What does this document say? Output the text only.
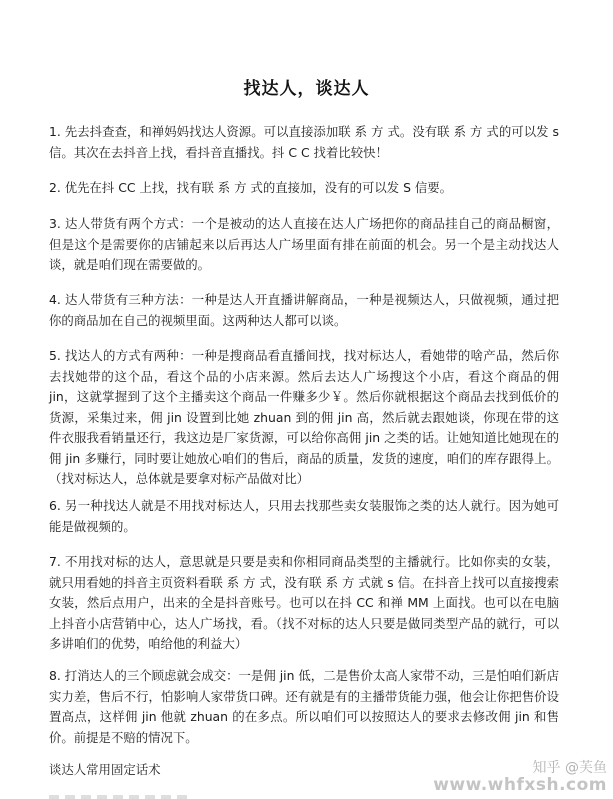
找达人，谈达人

1. 先去抖查查，和禅妈妈找达人资源。可以直接添加联 系 方 式。没有联 系 方 式的可以发 s 信。其次在去抖音上找，看抖音直播找。抖 C C 找着比较快！

2. 优先在抖 CC 上找，找有联 系 方 式的直接加，没有的可以发 S 信要。

3. 达人带货有两个方式：一个是被动的达人直接在达人广场把你的商品挂自己的商品橱窗，但是这个是需要你的店铺起来以后再达人广场里面有排在前面的机会。另一个是主动找达人谈，就是咱们现在需要做的。

4. 达人带货有三种方法：一种是达人开直播讲解商品，一种是视频达人，只做视频，通过把你的商品加在自己的视频里面。这两种达人都可以谈。

5. 找达人的方式有两种：一种是搜商品看直播间找，找对标达人，看她带的啥产品，然后你去找她带的这个品，看这个品的小店来源。然后去达人广场搜这个小店，看这个商品的佣 jin，这就掌握到了这个主播卖这个商品一件赚多少￥。然后你就根据这个商品去找到低价的货源，采集过来，佣 jin 设置到比她 zhuan 到的佣 jin 高，然后就去跟她谈，你现在带的这件衣服我看销量还行，我这边是厂家货源，可以给你高佣 jin 之类的话。让她知道比她现在的佣 jin 多赚行，同时要让她放心咱们的售后，商品的质量，发货的速度，咱们的库存跟得上。（找对标达人，总体就是要拿对标产品做对比）

6. 另一种找达人就是不用找对标达人，只用去找那些卖女装服饰之类的达人就行。因为她可能是做视频的。

7. 不用找对标的达人，意思就是只要是卖和你相同商品类型的主播就行。比如你卖的女装，就只用看她的抖音主页资料看联 系 方 式，没有联 系 方 式就 s 信。在抖音上找可以直接搜索女装，然后点用户，出来的全是抖音账号。也可以在抖 CC 和禅 MM 上面找。也可以在电脑上抖音小店营销中心，达人广场找，看。（找不对标的达人只要是做同类型产品的就行，可以多讲咱们的优势，咱给他的利益大）

8. 打消达人的三个顾虑就会成交：一是佣 jin 低，二是售价太高人家带不动，三是怕咱们新店实力差，售后不行，怕影响人家带货口碑。还有就是有的主播带货能力强，他会让你把售价设置高点，这样佣 jin 他就 zhuan 的在多点。所以咱们可以按照达人的要求去修改佣 jin 和售价。前提是不赔的情况下。

谈达人常用固定话术	知乎 @芙鱼
www.whfxsh.com
